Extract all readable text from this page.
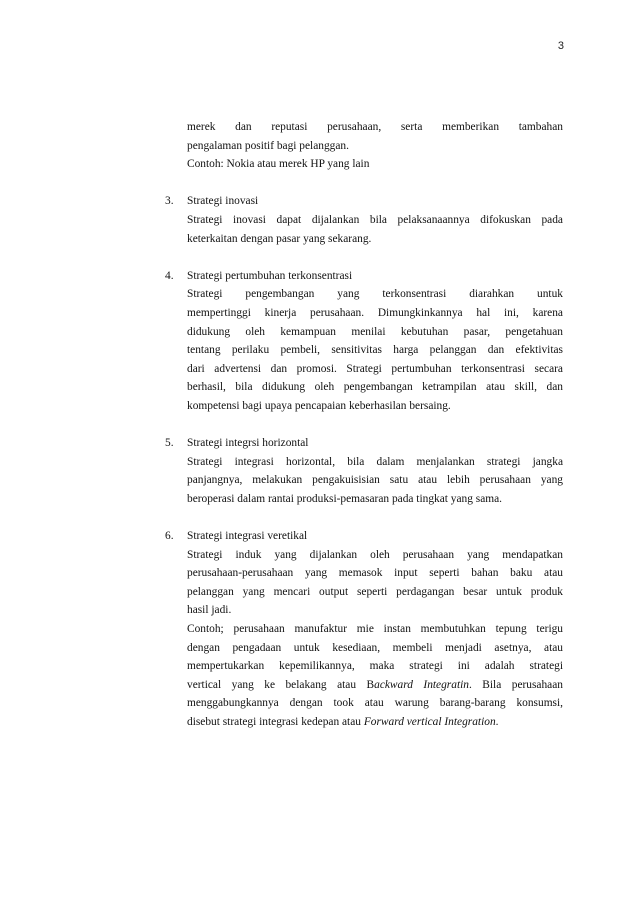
3
merek dan reputasi perusahaan, serta memberikan tambahan
pengalaman positif bagi pelanggan.
Contoh: Nokia atau merek HP yang lain
3. Strategi inovasi
Strategi inovasi dapat dijalankan bila pelaksanaannya difokuskan pada
keterkaitan dengan pasar yang sekarang.
4. Strategi pertumbuhan terkonsentrasi
Strategi pengembangan yang terkonsentrasi diarahkan untuk
mempertinggi kinerja perusahaan. Dimungkinkannya hal ini, karena
didukung oleh kemampuan menilai kebutuhan pasar, pengetahuan
tentang perilaku pembeli, sensitivitas harga pelanggan dan efektivitas
dari advertensi dan promosi. Strategi pertumbuhan terkonsentrasi secara
berhasil, bila didukung oleh pengembangan ketrampilan atau skill, dan
kompetensi bagi upaya pencapaian keberhasilan bersaing.
5. Strategi integrsi horizontal
Strategi integrasi horizontal, bila dalam menjalankan strategi jangka
panjangnya, melakukan pengakuisisian satu atau lebih perusahaan yang
beroperasi dalam rantai produksi-pemasaran pada tingkat yang sama.
6. Strategi integrasi veretikal
Strategi induk yang dijalankan oleh perusahaan yang mendapatkan
perusahaan-perusahaan yang memasok input seperti bahan baku atau
pelanggan yang mencari output seperti perdagangan besar untuk produk
hasil jadi.
Contoh; perusahaan manufaktur mie instan membutuhkan tepung terigu
dengan pengadaan untuk kesediaan, membeli menjadi asetnya, atau
mempertukarkan kepemilikannya, maka strategi ini adalah strategi
vertical yang ke belakang atau Backward Integratin. Bila perusahaan
menggabungkannya dengan took atau warung barang-barang konsumsi,
disebut strategi integrasi kedepan atau Forward vertical Integration.
